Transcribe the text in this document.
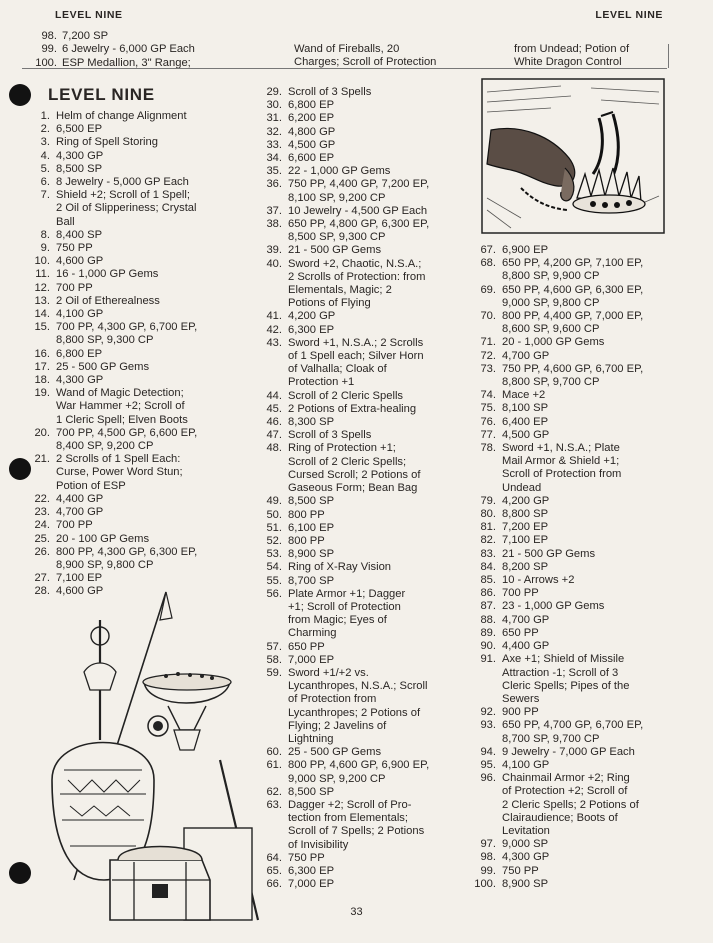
LEVEL NINE	LEVEL NINE
98. 7,200 SP
99. 6 Jewelry - 6,000 GP Each
100. ESP Medallion, 3" Range;
Wand of Fireballs, 20
Charges; Scroll of Protection
from Undead; Potion of
White Dragon Control
LEVEL NINE
1. Helm of change Alignment
2. 6,500 EP
3. Ring of Spell Storing
4. 4,300 GP
5. 8,500 SP
6. 8 Jewelry - 5,000 GP Each
7. Shield +2; Scroll of 1 Spell;
2 Oil of Slipperiness; Crystal
Ball
8. 8,400 SP
9. 750 PP
10. 4,600 GP
11. 16 - 1,000 GP Gems
12. 700 PP
13. 2 Oil of Etherealness
14. 4,100 GP
15. 700 PP, 4,300 GP, 6,700 EP,
8,800 SP, 9,300 CP
16. 6,800 EP
17. 25 - 500 GP Gems
18. 4,300 GP
19. Wand of Magic Detection;
War Hammer +2; Scroll of
1 Cleric Spell; Elven Boots
20. 700 PP, 4,500 GP, 6,600 EP,
8,400 SP, 9,200 CP
21. 2 Scrolls of 1 Spell Each:
Curse, Power Word Stun;
Potion of ESP
22. 4,400 GP
23. 4,700 GP
24. 700 PP
25. 20 - 100 GP Gems
26. 800 PP, 4,300 GP, 6,300 EP,
8,900 SP, 9,800 CP
27. 7,100 EP
28. 4,600 GP
29. Scroll of 3 Spells
30. 6,800 EP
31. 6,200 EP
32. 4,800 GP
33. 4,500 GP
34. 6,600 EP
35. 22 - 1,000 GP Gems
36. 750 PP, 4,400 GP, 7,200 EP,
8,100 SP, 9,200 CP
37. 10 Jewelry - 4,500 GP Each
38. 650 PP, 4,800 GP, 6,300 EP,
8,500 SP, 9,300 CP
39. 21 - 500 GP Gems
40. Sword +2, Chaotic, N.S.A.;
2 Scrolls of Protection: from
Elementals, Magic; 2
Potions of Flying
41. 4,200 GP
42. 6,300 EP
43. Sword +1, N.S.A.; 2 Scrolls
of 1 Spell each; Silver Horn
of Valhalla; Cloak of
Protection +1
44. Scroll of 2 Cleric Spells
45. 2 Potions of Extra-healing
46. 8,300 SP
47. Scroll of 3 Spells
48. Ring of Protection +1;
Scroll of 2 Cleric Spells;
Cursed Scroll; 2 Potions of
Gaseous Form; Bean Bag
49. 8,500 SP
50. 800 PP
51. 6,100 EP
52. 800 PP
53. 8,900 SP
54. Ring of X-Ray Vision
55. 8,700 SP
56. Plate Armor +1; Dagger
+1; Scroll of Protection
from Magic; Eyes of
Charming
57. 650 PP
58. 7,000 EP
59. Sword +1/+2 vs.
Lycanthropes, N.S.A.; Scroll
of Protection from
Lycanthropes; 2 Potions of
Flying; 2 Javelins of
Lightning
60. 25 - 500 GP Gems
61. 800 PP, 4,600 GP, 6,900 EP,
9,000 SP, 9,200 CP
62. 8,500 SP
63. Dagger +2; Scroll of Pro-
tection from Elementals;
Scroll of 7 Spells; 2 Potions
of Invisibility
64. 750 PP
65. 6,300 EP
66. 7,000 EP
67. 6,900 EP
68. 650 PP, 4,200 GP, 7,100 EP,
8,800 SP, 9,900 CP
69. 650 PP, 4,600 GP, 6,300 EP,
9,000 SP, 9,800 CP
70. 800 PP, 4,400 GP, 7,000 EP,
8,600 SP, 9,600 CP
71. 20 - 1,000 GP Gems
72. 4,700 GP
73. 750 PP, 4,600 GP, 6,700 EP,
8,800 SP, 9,700 CP
74. Mace +2
75. 8,100 SP
76. 6,400 EP
77. 4,500 GP
78. Sword +1, N.S.A.; Plate
Mail Armor & Shield +1;
Scroll of Protection from
Undead
79. 4,200 GP
80. 8,800 SP
81. 7,200 EP
82. 7,100 EP
83. 21 - 500 GP Gems
84. 8,200 SP
85. 10 - Arrows +2
86. 700 PP
87. 23 - 1,000 GP Gems
88. 4,700 GP
89. 650 PP
90. 4,400 GP
91. Axe +1; Shield of Missile
Attraction -1; Scroll of 3
Cleric Spells; Pipes of the
Sewers
92. 900 PP
93. 650 PP, 4,700 GP, 6,700 EP,
8,700 SP, 9,700 CP
94. 9 Jewelry - 7,000 GP Each
95. 4,100 GP
96. Chainmail Armor +2; Ring
of Protection +2; Scroll of
2 Cleric Spells; 2 Potions of
Clairaudience; Boots of
Levitation
97. 9,000 SP
98. 4,300 GP
99. 750 PP
100. 8,900 SP
33
